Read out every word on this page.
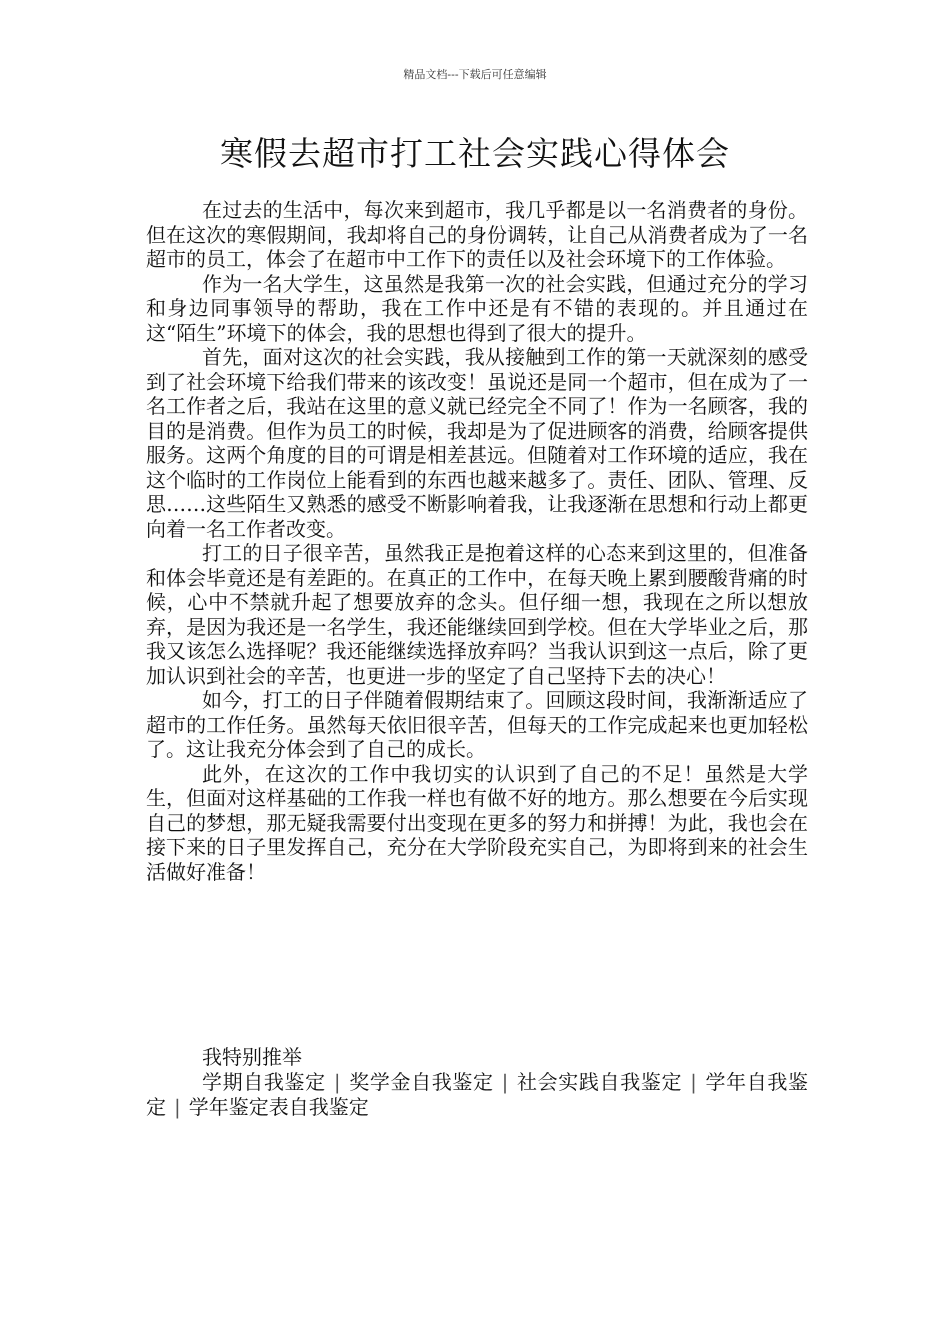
精品文档---下载后可任意编辑
寒假去超市打工社会实践心得体会

在过去的生活中，每次来到超市，我几乎都是以一名消费者的身份。但在这次的寒假期间，我却将自己的身份调转，让自己从消费者成为了一名超市的员工，体会了在超市中工作下的责任以及社会环境下的工作体验。

作为一名大学生，这虽然是我第一次的社会实践，但通过充分的学习和身边同事领导的帮助，我在工作中还是有不错的表现的。并且通过在这“陌生”环境下的体会，我的思想也得到了很大的提升。

首先，面对这次的社会实践，我从接触到工作的第一天就深刻的感受到了社会环境下给我们带来的该改变！虽说还是同一个超市，但在成为了一名工作者之后，我站在这里的意义就已经完全不同了！作为一名顾客，我的目的是消费。但作为员工的时候，我却是为了促进顾客的消费，给顾客提供服务。这两个角度的目的可谓是相差甚远。但随着对工作环境的适应，我在这个临时的工作岗位上能看到的东西也越来越多了。责任、团队、管理、反思……这些陌生又熟悉的感受不断影响着我，让我逐渐在思想和行动上都更向着一名工作者改变。

打工的日子很辛苦，虽然我正是抱着这样的心态来到这里的，但准备和体会毕竟还是有差距的。在真正的工作中，在每天晚上累到腰酸背痛的时候，心中不禁就升起了想要放弃的念头。但仔细一想，我现在之所以想放弃，是因为我还是一名学生，我还能继续回到学校。但在大学毕业之后，那我又该怎么选择呢？我还能继续选择放弃吗？当我认识到这一点后，除了更加认识到社会的辛苦，也更进一步的坚定了自己坚持下去的决心！

如今，打工的日子伴随着假期结束了。回顾这段时间，我渐渐适应了超市的工作任务。虽然每天依旧很辛苦，但每天的工作完成起来也更加轻松了。这让我充分体会到了自己的成长。

此外，在这次的工作中我切实的认识到了自己的不足！虽然是大学生，但面对这样基础的工作我一样也有做不好的地方。那么想要在今后实现自己的梦想，那无疑我需要付出变现在更多的努力和拼搏！为此，我也会在接下来的日子里发挥自己，充分在大学阶段充实自己，为即将到来的社会生活做好准备！

我特别推举

学期自我鉴定 | 奖学金自我鉴定 | 社会实践自我鉴定 | 学年自我鉴定 | 学年鉴定表自我鉴定
